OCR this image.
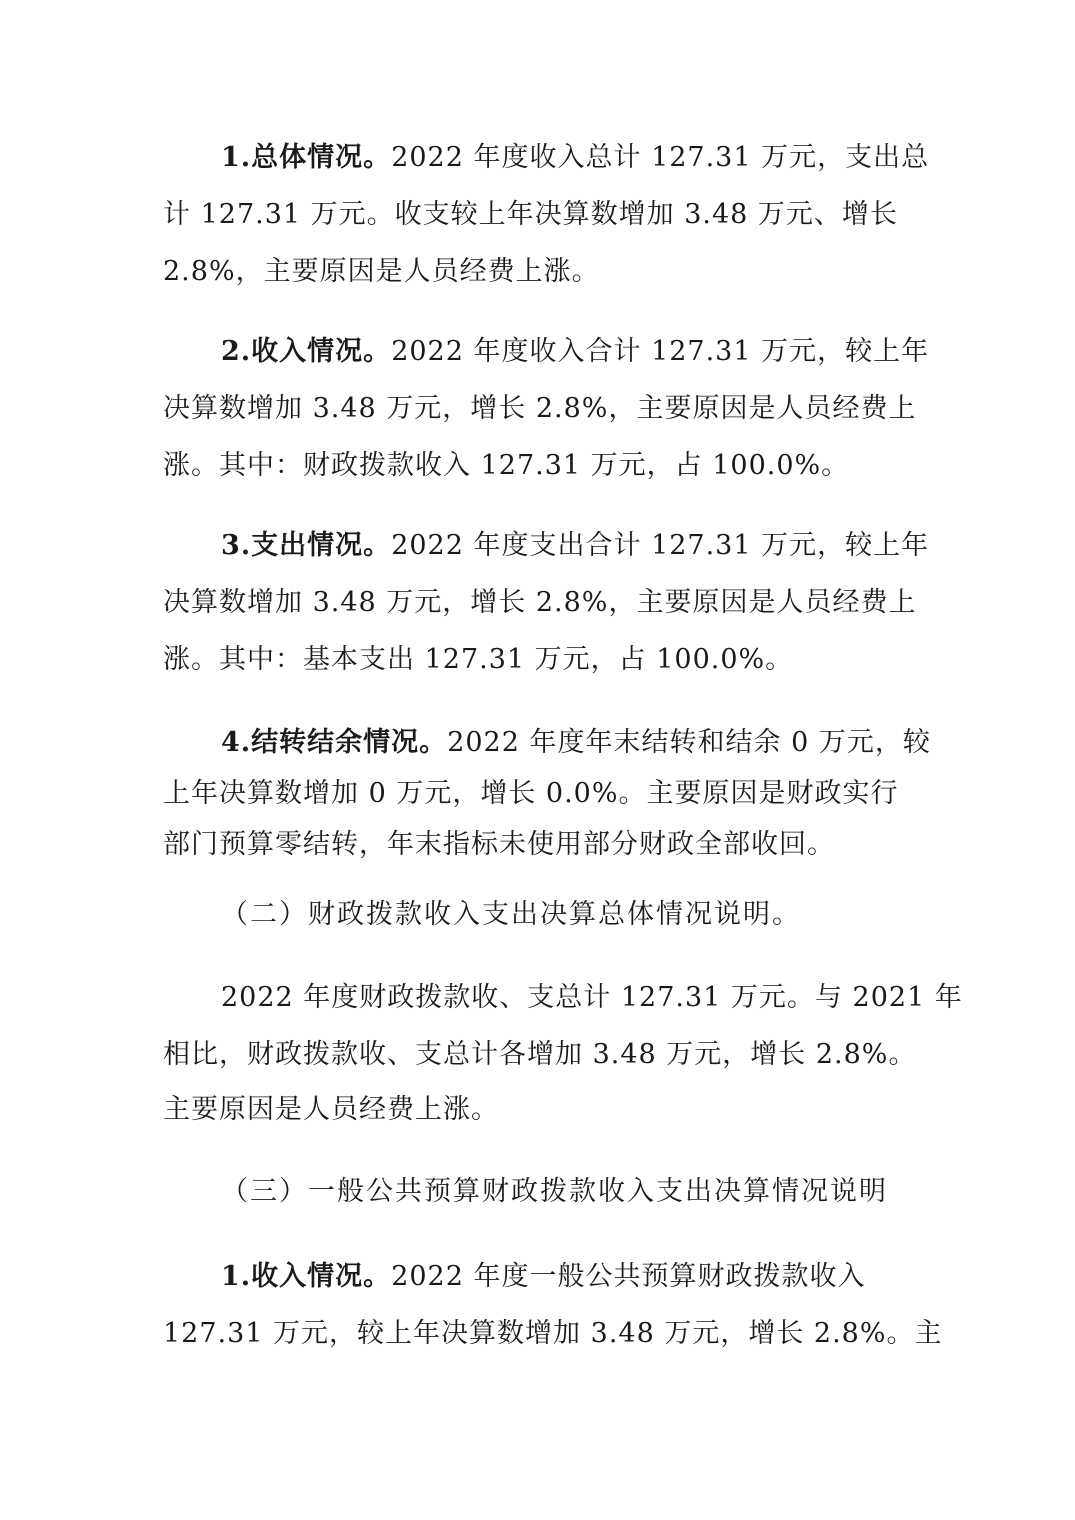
1.总体情况。2022 年度收入总计 127.31 万元，支出总
计 127.31 万元。收支较上年决算数增加 3.48 万元、增长
2.8%，主要原因是人员经费上涨。
2.收入情况。2022 年度收入合计 127.31 万元，较上年
决算数增加 3.48 万元，增长 2.8%，主要原因是人员经费上
涨。其中：财政拨款收入 127.31 万元，占 100.0%。
3.支出情况。2022 年度支出合计 127.31 万元，较上年
决算数增加 3.48 万元，增长 2.8%，主要原因是人员经费上
涨。其中：基本支出 127.31 万元，占 100.0%。
4.结转结余情况。2022 年度年末结转和结余 0 万元，较
上年决算数增加 0 万元，增长 0.0%。主要原因是财政实行
部门预算零结转，年末指标未使用部分财政全部收回。
（二）财政拨款收入支出决算总体情况说明。
2022 年度财政拨款收、支总计 127.31 万元。与 2021 年
相比，财政拨款收、支总计各增加 3.48 万元，增长 2.8%。
主要原因是人员经费上涨。
（三）一般公共预算财政拨款收入支出决算情况说明
1.收入情况。2022 年度一般公共预算财政拨款收入
127.31 万元，较上年决算数增加 3.48 万元，增长 2.8%。主
